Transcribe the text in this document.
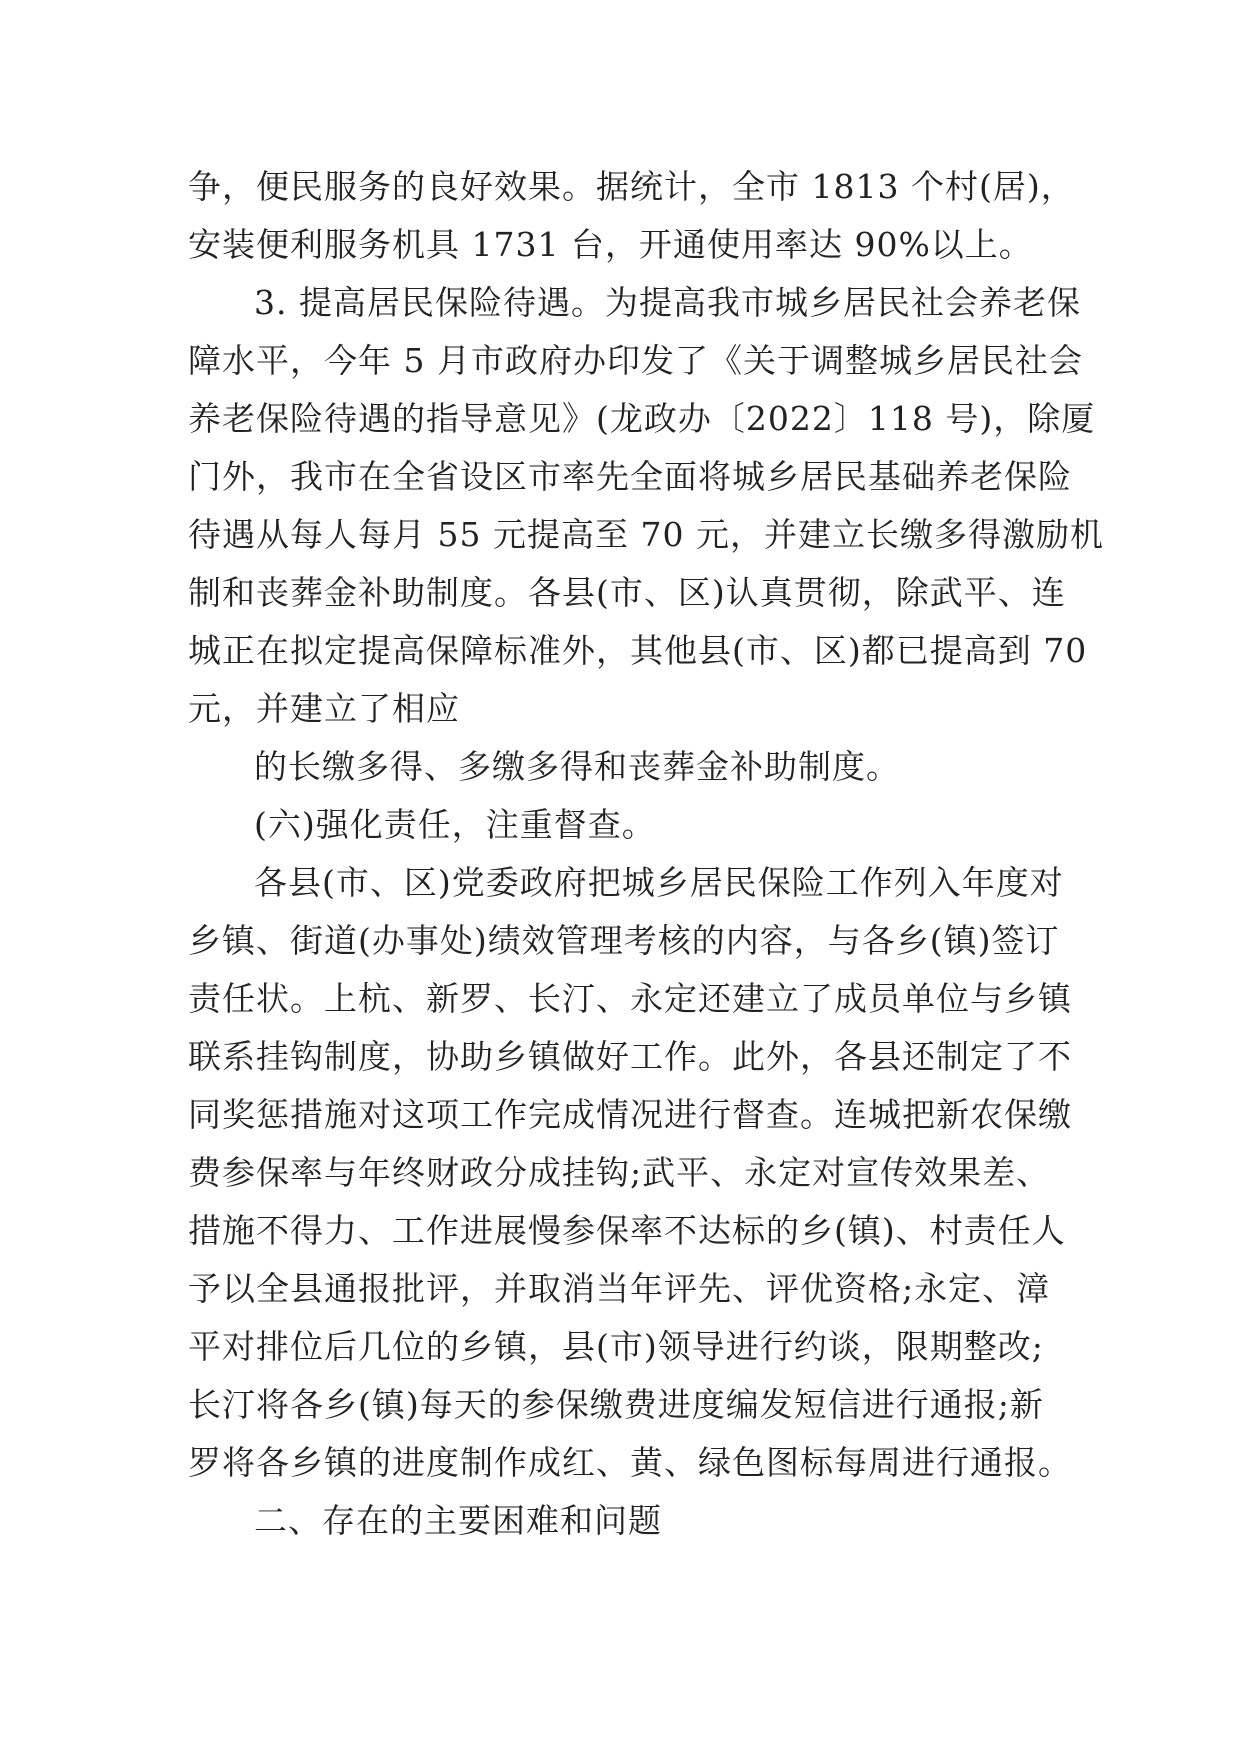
争，便民服务的良好效果。据统计，全市 1813 个村(居)，
安装便利服务机具 1731 台，开通使用率达 90%以上。
3. 提高居民保险待遇。为提高我市城乡居民社会养老保
障水平，今年 5 月市政府办印发了《关于调整城乡居民社会
养老保险待遇的指导意见》(龙政办〔2022〕118 号)，除厦
门外，我市在全省设区市率先全面将城乡居民基础养老保险
待遇从每人每月 55 元提高至 70 元，并建立长缴多得激励机
制和丧葬金补助制度。各县(市、区)认真贯彻，除武平、连
城正在拟定提高保障标准外，其他县(市、区)都已提高到 70
元，并建立了相应
的长缴多得、多缴多得和丧葬金补助制度。
(六)强化责任，注重督查。
各县(市、区)党委政府把城乡居民保险工作列入年度对
乡镇、街道(办事处)绩效管理考核的内容，与各乡(镇)签订
责任状。上杭、新罗、长汀、永定还建立了成员单位与乡镇
联系挂钩制度，协助乡镇做好工作。此外，各县还制定了不
同奖惩措施对这项工作完成情况进行督查。连城把新农保缴
费参保率与年终财政分成挂钩;武平、永定对宣传效果差、
措施不得力、工作进展慢参保率不达标的乡(镇)、村责任人
予以全县通报批评，并取消当年评先、评优资格;永定、漳
平对排位后几位的乡镇，县(市)领导进行约谈，限期整改;
长汀将各乡(镇)每天的参保缴费进度编发短信进行通报;新
罗将各乡镇的进度制作成红、黄、绿色图标每周进行通报。
二、存在的主要困难和问题
